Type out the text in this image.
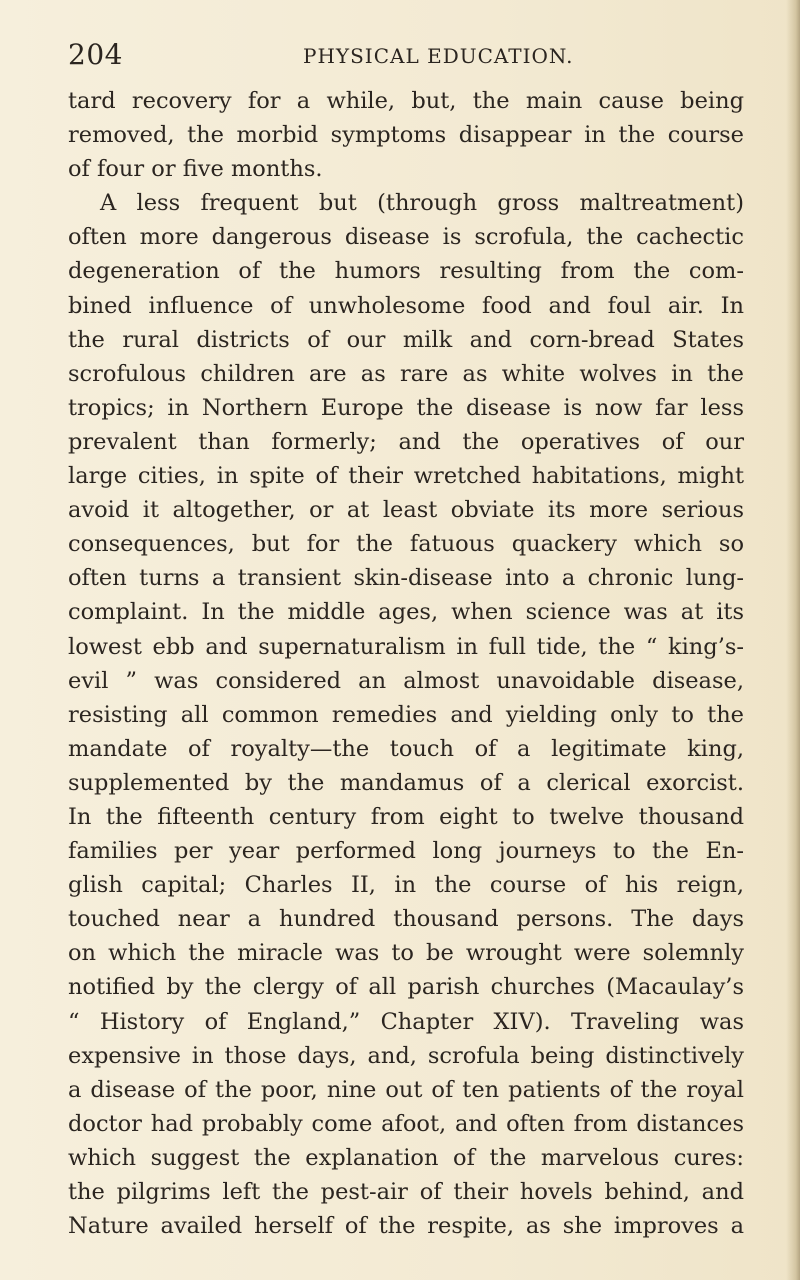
204	PHYSICAL EDUCATION.
tard recovery for a while, but, the main cause being
removed, the morbid symptoms disappear in the course
of four or five months.
A less frequent but (through gross maltreatment)
often more dangerous disease is scrofula, the cachectic
degeneration of the humors resulting from the com-
bined influence of unwholesome food and foul air. In
the rural districts of our milk and corn-bread States
scrofulous children are as rare as white wolves in the
tropics; in Northern Europe the disease is now far less
prevalent than formerly; and the operatives of our
large cities, in spite of their wretched habitations, might
avoid it altogether, or at least obviate its more serious
consequences, but for the fatuous quackery which so
often turns a transient skin-disease into a chronic lung-
complaint. In the middle ages, when science was at its
lowest ebb and supernaturalism in full tide, the “ king’s-
evil ” was considered an almost unavoidable disease,
resisting all common remedies and yielding only to the
mandate of royalty—the touch of a legitimate king,
supplemented by the mandamus of a clerical exorcist.
In the fifteenth century from eight to twelve thousand
families per year performed long journeys to the En-
glish capital; Charles II, in the course of his reign,
touched near a hundred thousand persons. The days
on which the miracle was to be wrought were solemnly
notified by the clergy of all parish churches (Macaulay’s
“ History of England,” Chapter XIV). Traveling was
expensive in those days, and, scrofula being distinctively
a disease of the poor, nine out of ten patients of the royal
doctor had probably come afoot, and often from distances
which suggest the explanation of the marvelous cures:
the pilgrims left the pest-air of their hovels behind, and
Nature availed herself of the respite, as she improves a
